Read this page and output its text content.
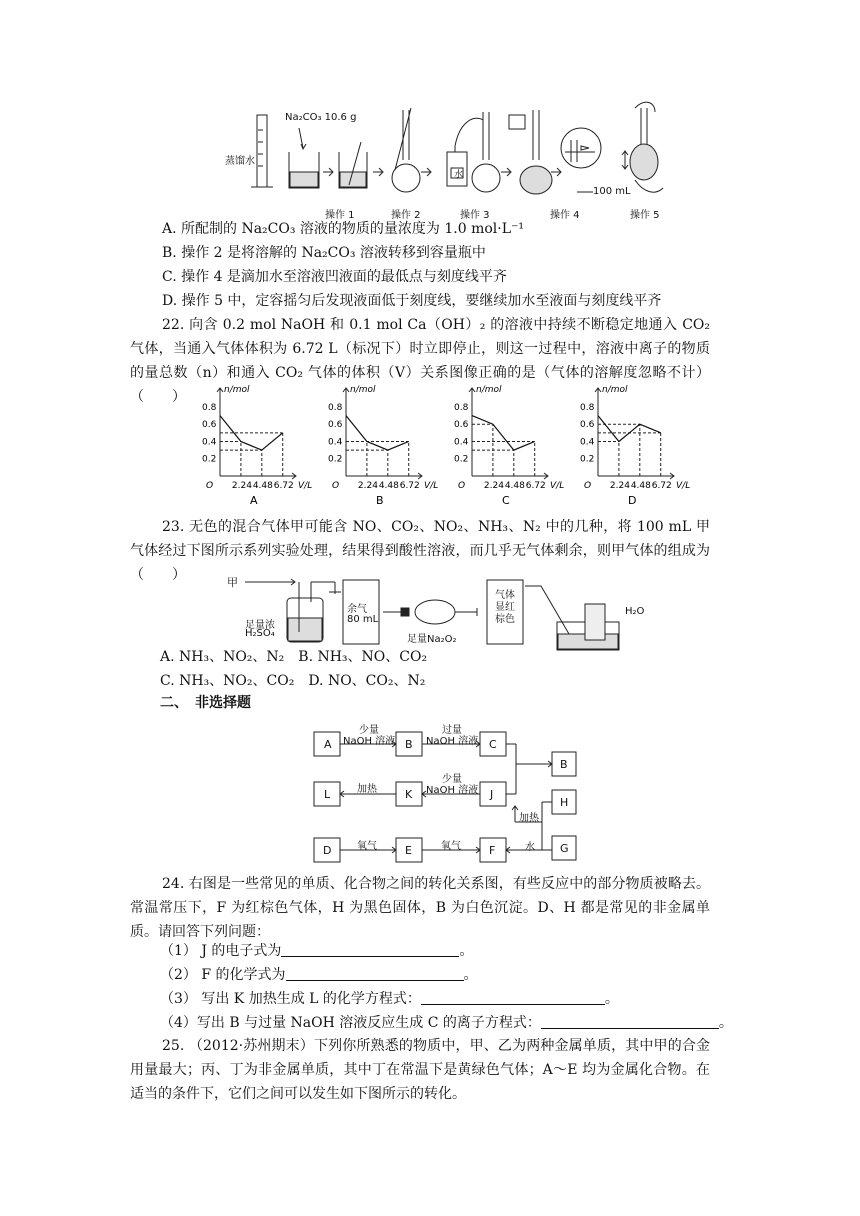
蒸馏水
Na₂CO₃ 10.6 g
水
100 mL
操作 1	操作 2	操作 3	操作 4	操作 5
A. 所配制的 Na₂CO₃ 溶液的物质的量浓度为 1.0 mol·L⁻¹
B. 操作 2 是将溶解的 Na₂CO₃ 溶液转移到容量瓶中
C. 操作 4 是滴加水至溶液凹液面的最低点与刻度线平齐
D. 操作 5 中，定容摇匀后发现液面低于刻度线，要继续加水至液面与刻度线平齐
22. 向含 0.2 mol NaOH 和 0.1 mol Ca（OH）₂ 的溶液中持续不断稳定地通入 CO₂ 气体，当通入气体体积为 6.72 L（标况下）时立即停止，则这一过程中，溶液中离子的物质的量总数（n）和通入 CO₂ 气体的体积（V）关系图像正确的是（气体的溶解度忽略不计）（　　）	n/mol
O	V/L
0.2
0.4
0.6
0.8
2.24 4.48 6.72
A
n/mol
O	V/L
0.2
0.4
0.6
0.8
2.24 4.48 6.72
B
n/mol
O	V/L
0.2
0.4
0.6
0.8
2.24 4.48 6.72
C
n/mol
O	V/L
0.2
0.4
0.6
0.8
2.24 4.48 6.72
D
23. 无色的混合气体甲可能含 NO、CO₂、NO₂、NH₃、N₂ 中的几种，将 100 mL 甲气体经过下图所示系列实验处理，结果得到酸性溶液，而几乎无气体剩余，则甲气体的组成为（　　）	甲
足量浓
H₂SO₄
余气
80 mL
足量Na₂O₂
气体
显红
棕色
H₂O
A. NH₃、NO₂、N₂　B. NH₃、NO、CO₂
C. NH₃、NO₂、CO₂　D. NO、CO₂、N₂
二、　非选择题
A	B	C
B
L	K	J
H
D	E	F	G
少量
NaOH 溶液
过量
NaOH 溶液
加热
少量
NaOH 溶液
氧气	氧气	水
加热
24. 右图是一些常见的单质、化合物之间的转化关系图，有些反应中的部分物质被略去。常温常压下，F 为红棕色气体，H 为黑色固体，B 为白色沉淀。D、H 都是常见的非金属单质。请回答下列问题：
（1） J 的电子式为	。
（2） F 的化学式为	。
（3） 写出 K 加热生成 L 的化学方程式：	。
（4）写出 B 与过量 NaOH 溶液反应生成 C 的离子方程式：	。
25. （2012·苏州期末）下列你所熟悉的物质中，甲、乙为两种金属单质，其中甲的合金用量最大；丙、丁为非金属单质，其中丁在常温下是黄绿色气体；A～E 均为金属化合物。在适当的条件下，它们之间可以发生如下图所示的转化。
